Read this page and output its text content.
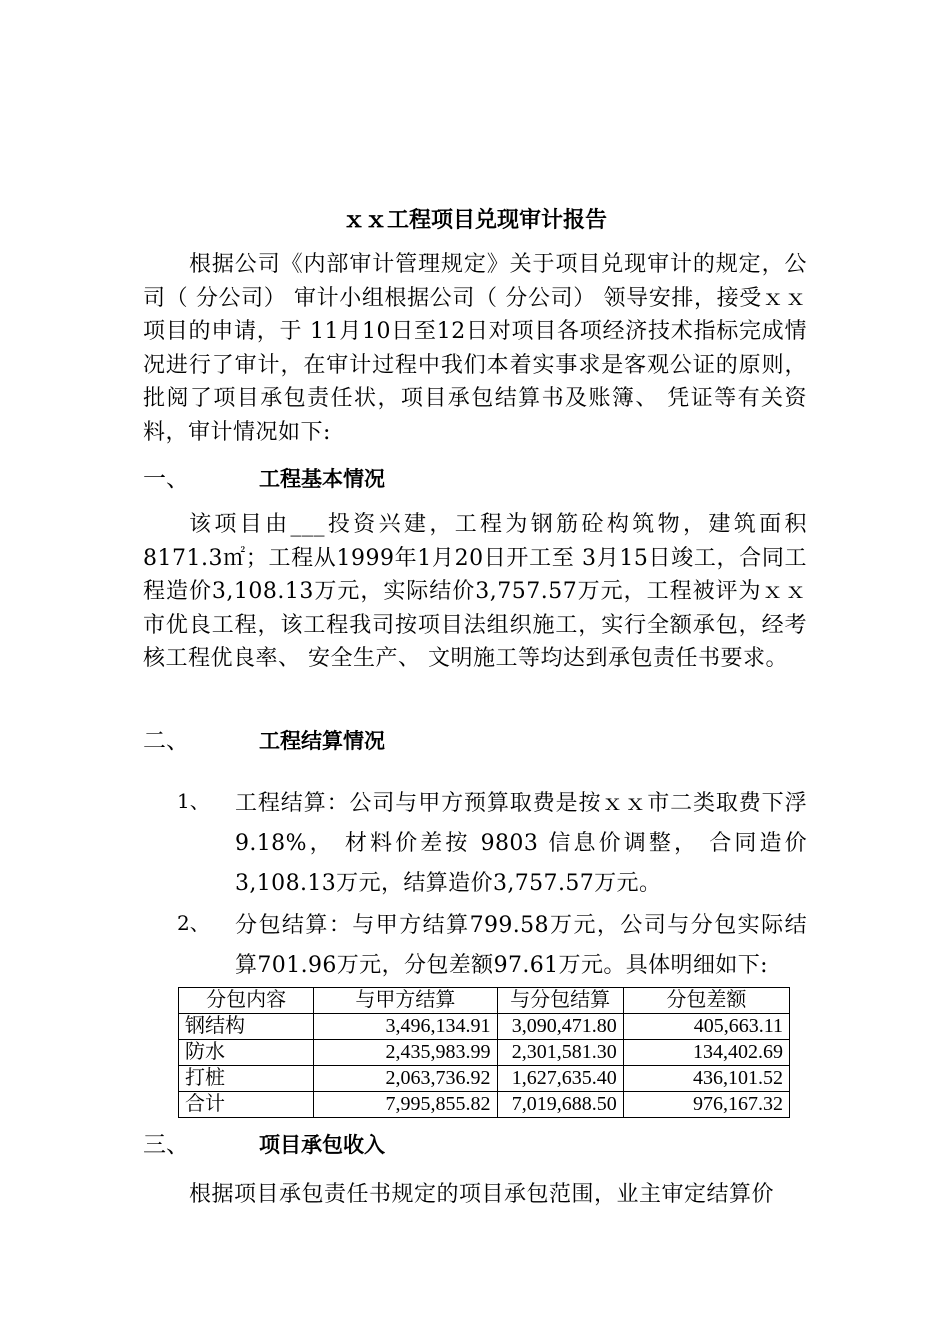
ｘｘ工程项目兑现审计报告

根据公司《内部审计管理规定》关于项目兑现审计的规定，公司（ 分公司） 审计小组根据公司（ 分公司） 领导安排，接受ｘｘ项目的申请，于 11月10日至12日对项目各项经济技术指标完成情况进行了审计，在审计过程中我们本着实事求是客观公证的原则，批阅了项目承包责任状，项目承包结算书及账簿、 凭证等有关资料，审计情况如下:

一、	工程基本情况

该项目由___投资兴建，工程为钢筋砼构筑物，建筑面积8171.3㎡；工程从1999年1月20日开工至 3月15日竣工，合同工程造价3,108.13万元，实际结价3,757.57万元，工程被评为ｘｘ市优良工程，该工程我司按项目法组织施工，实行全额承包，经考核工程优良率、 安全生产、 文明施工等均达到承包责任书要求。

二、	工程结算情况
1、 工程结算：公司与甲方预算取费是按ｘｘ市二类取费下浮 9.18%， 材料价差按 9803 信息价调整， 合同造价3,108.13万元，结算造价3,757.57万元。

2、 分包结算：与甲方结算799.58万元，公司与分包实际结算701.96万元，分包差额97.61万元。具体明细如下:

分包内容	与甲方结算	与分包结算	分包差额
钢结构	3,496,134.91	3,090,471.80	405,663.11
防水	2,435,983.99	2,301,581.30	134,402.69
打桩	2,063,736.92	1,627,635.40	436,101.52
合计	7,995,855.82	7,019,688.50	976,167.32
三、	项目承包收入

根据项目承包责任书规定的项目承包范围，业主审定结算价
